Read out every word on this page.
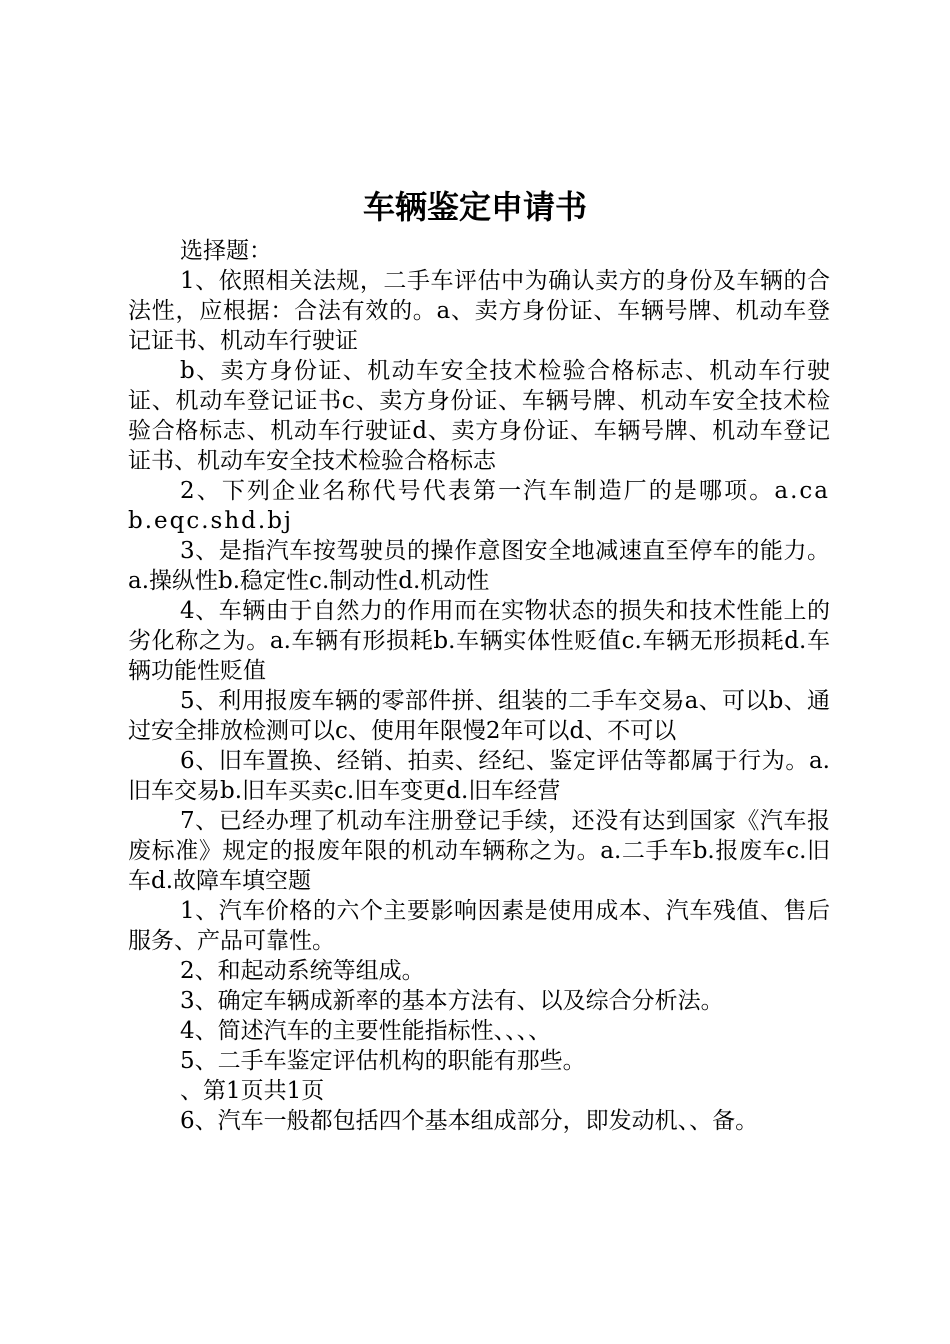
车辆鉴定申请书

选择题：

1、依照相关法规，二手车评估中为确认卖方的身份及车辆的合法性，应根据：合法有效的。a、卖方身份证、车辆号牌、机动车登记证书、机动车行驶证

b、卖方身份证、机动车安全技术检验合格标志、机动车行驶证、机动车登记证书c、卖方身份证、车辆号牌、机动车安全技术检验合格标志、机动车行驶证d、卖方身份证、车辆号牌、机动车登记证书、机动车安全技术检验合格标志

2、下列企业名称代号代表第一汽车制造厂的是哪项。a.cab.eqc.shd.bj

3、是指汽车按驾驶员的操作意图安全地减速直至停车的能力。a.操纵性b.稳定性c.制动性d.机动性

4、车辆由于自然力的作用而在实物状态的损失和技术性能上的劣化称之为。a.车辆有形损耗b.车辆实体性贬值c.车辆无形损耗d.车辆功能性贬值

5、利用报废车辆的零部件拼、组装的二手车交易a、可以b、通过安全排放检测可以c、使用年限慢2年可以d、不可以

6、旧车置换、经销、拍卖、经纪、鉴定评估等都属于行为。a.旧车交易b.旧车买卖c.旧车变更d.旧车经营

7、已经办理了机动车注册登记手续，还没有达到国家《汽车报废标准》规定的报废年限的机动车辆称之为。a.二手车b.报废车c.旧车d.故障车填空题

1、汽车价格的六个主要影响因素是使用成本、汽车残值、售后服务、产品可靠性。

2、和起动系统等组成。

3、确定车辆成新率的基本方法有、以及综合分析法。

4、简述汽车的主要性能指标性、、、、

5、二手车鉴定评估机构的职能有那些。

、第1页共1页

6、汽车一般都包括四个基本组成部分，即发动机、、备。
